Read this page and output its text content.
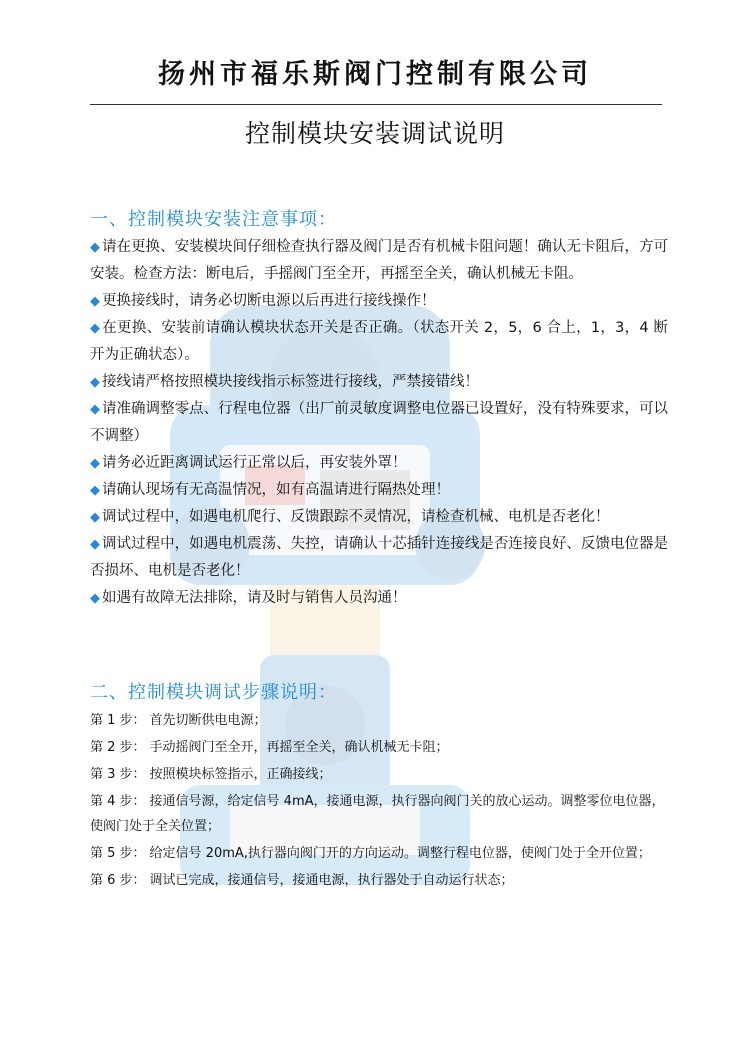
扬州市福乐斯阀门控制有限公司
控制模块安装调试说明
一、控制模块安装注意事项：
◆ 请在更换、安装模块间仔细检查执行器及阀门是否有机械卡阻问题！确认无卡阻后，方可安装。检查方法：断电后，手摇阀门至全开，再摇至全关，确认机械无卡阻。
◆ 更换接线时，请务必切断电源以后再进行接线操作！
◆ 在更换、安装前请确认模块状态开关是否正确。（状态开关 2，5，6 合上，1，3，4 断开为正确状态）。
◆ 接线请严格按照模块接线指示标签进行接线，严禁接错线！
◆ 请准确调整零点、行程电位器（出厂前灵敏度调整电位器已设置好，没有特殊要求，可以不调整）
◆ 请务必近距离调试运行正常以后，再安装外罩！
◆ 请确认现场有无高温情况，如有高温请进行隔热处理！
◆ 调试过程中，如遇电机爬行、反馈跟踪不灵情况，请检查机械、电机是否老化！
◆ 调试过程中，如遇电机震荡、失控，请确认十芯插针连接线是否连接良好、反馈电位器是否损坏、电机是否老化！
◆ 如遇有故障无法排除，请及时与销售人员沟通！
二、控制模块调试步骤说明：
第 1 步： 首先切断供电电源；
第 2 步： 手动摇阀门至全开，再摇至全关，确认机械无卡阻；
第 3 步： 按照模块标签指示，正确接线；
第 4 步： 接通信号源，给定信号 4mA，接通电源，执行器向阀门关的放心运动。调整零位电位器，使阀门处于全关位置；
第 5 步： 给定信号 20mA,执行器向阀门开的方向运动。调整行程电位器，使阀门处于全开位置；
第 6 步： 调试已完成，接通信号，接通电源，执行器处于自动运行状态；
